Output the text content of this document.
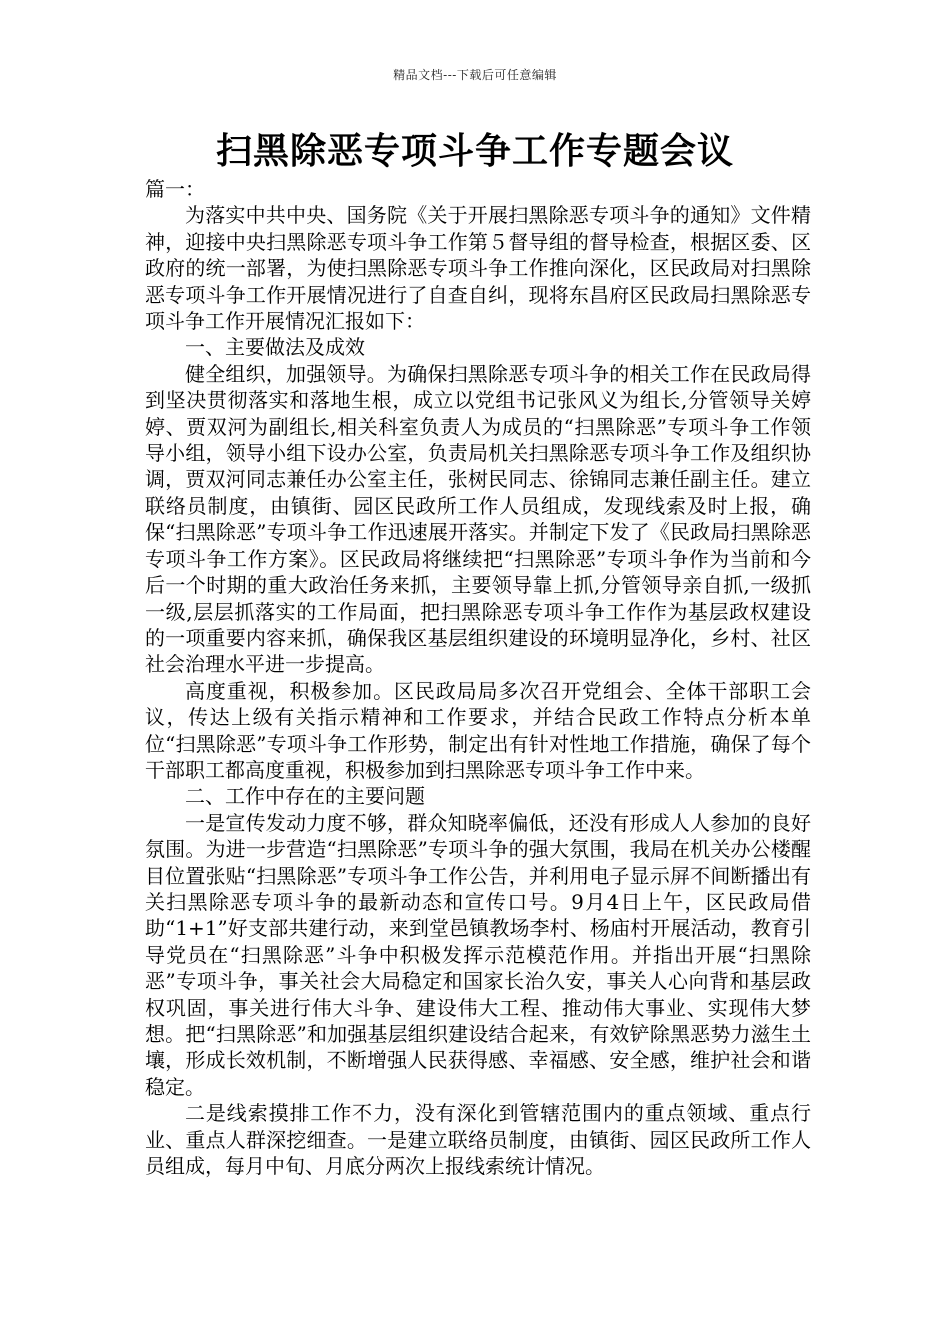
精品文档---下载后可任意编辑
扫黑除恶专项斗争工作专题会议

篇一：

为落实中共中央、国务院《关于开展扫黑除恶专项斗争的通知》文件精神，迎接中央扫黑除恶专项斗争工作第５督导组的督导检查，根据区委、区政府的统一部署，为使扫黑除恶专项斗争工作推向深化，区民政局对扫黑除恶专项斗争工作开展情况进行了自查自纠，现将东昌府区民政局扫黑除恶专项斗争工作开展情况汇报如下：

一、主要做法及成效

健全组织，加强领导。为确保扫黑除恶专项斗争的相关工作在民政局得到坚决贯彻落实和落地生根，成立以党组书记张风义为组长,分管领导关婷婷、贾双河为副组长,相关科室负责人为成员的“扫黑除恶”专项斗争工作领导小组，领导小组下设办公室，负责局机关扫黑除恶专项斗争工作及组织协调，贾双河同志兼任办公室主任，张树民同志、徐锦同志兼任副主任。建立联络员制度，由镇街、园区民政所工作人员组成，发现线索及时上报，确保“扫黑除恶”专项斗争工作迅速展开落实。并制定下发了《民政局扫黑除恶专项斗争工作方案》。区民政局将继续把“扫黑除恶”专项斗争作为当前和今后一个时期的重大政治任务来抓，主要领导靠上抓,分管领导亲自抓,一级抓一级,层层抓落实的工作局面，把扫黑除恶专项斗争工作作为基层政权建设的一项重要内容来抓，确保我区基层组织建设的环境明显净化，乡村、社区社会治理水平进一步提高。

高度重视，积极参加。区民政局局多次召开党组会、全体干部职工会议，传达上级有关指示精神和工作要求，并结合民政工作特点分析本单位“扫黑除恶”专项斗争工作形势，制定出有针对性地工作措施，确保了每个干部职工都高度重视，积极参加到扫黑除恶专项斗争工作中来。

二、工作中存在的主要问题

一是宣传发动力度不够，群众知晓率偏低，还没有形成人人参加的良好氛围。为进一步营造“扫黑除恶”专项斗争的强大氛围，我局在机关办公楼醒目位置张贴“扫黑除恶”专项斗争工作公告，并利用电子显示屏不间断播出有关扫黑除恶专项斗争的最新动态和宣传口号。9月4日上午，区民政局借助“1+1”好支部共建行动，来到堂邑镇教场李村、杨庙村开展活动，教育引导党员在“扫黑除恶”斗争中积极发挥示范模范作用。并指出开展“扫黑除恶”专项斗争，事关社会大局稳定和国家长治久安，事关人心向背和基层政权巩固，事关进行伟大斗争、建设伟大工程、推动伟大事业、实现伟大梦想。把“扫黑除恶”和加强基层组织建设结合起来，有效铲除黑恶势力滋生土壤，形成长效机制，不断增强人民获得感、幸福感、安全感，维护社会和谐稳定。

二是线索摸排工作不力，没有深化到管辖范围内的重点领域、重点行业、重点人群深挖细查。一是建立联络员制度，由镇街、园区民政所工作人员组成，每月中旬、月底分两次上报线索统计情况。
